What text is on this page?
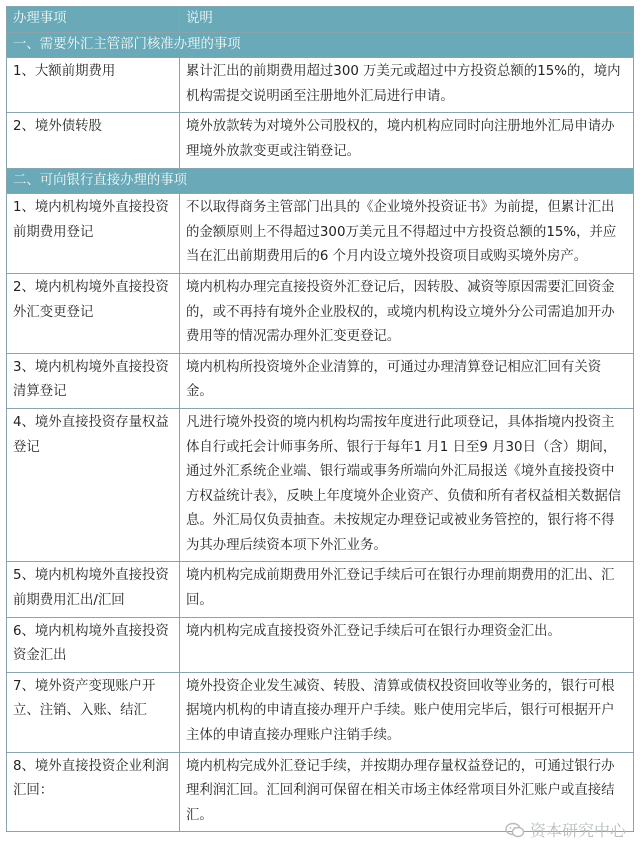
办理事项	说明
一、需要外汇主管部门核准办理的事项	
1、大额前期费用	累计汇出的前期费用超过300 万美元或超过中方投资总额的15%的，境内机构需提交说明函至注册地外汇局进行申请。
2、境外债转股	境外放款转为对境外公司股权的，境内机构应同时向注册地外汇局申请办理境外放款变更或注销登记。
二、可向银行直接办理的事项	
1、境内机构境外直接投资前期费用登记	不以取得商务主管部门出具的《企业境外投资证书》为前提，但累计汇出的金额原则上不得超过300万美元且不得超过中方投资总额的15%，并应当在汇出前期费用后的6 个月内设立境外投资项目或购买境外房产。
2、境内机构境外直接投资外汇变更登记	境内机构办理完直接投资外汇登记后，因转股、减资等原因需要汇回资金的，或不再持有境外企业股权的，或境内机构设立境外分公司需追加开办费用等的情况需办理外汇变更登记。
3、境内机构境外直接投资清算登记	境内机构所投资境外企业清算的，可通过办理清算登记相应汇回有关资金。
4、境外直接投资存量权益登记	凡进行境外投资的境内机构均需按年度进行此项登记，具体指境内投资主体自行或托会计师事务所、银行于每年1 月1 日至9 月30日（含）期间，通过外汇系统企业端、银行端或事务所端向外汇局报送《境外直接投资中方权益统计表》，反映上年度境外企业资产、负债和所有者权益相关数据信息。外汇局仅负责抽查。未按规定办理登记或被业务管控的，银行将不得为其办理后续资本项下外汇业务。
5、境内机构境外直接投资前期费用汇出/汇回	境内机构完成前期费用外汇登记手续后可在银行办理前期费用的汇出、汇回。
6、境内机构境外直接投资资金汇出	境内机构完成直接投资外汇登记手续后可在银行办理资金汇出。
7、境外资产变现账户开立、注销、入账、结汇	境外投资企业发生减资、转股、清算或债权投资回收等业务的，银行可根据境内机构的申请直接办理开户手续。账户使用完毕后，银行可根据开户主体的申请直接办理账户注销手续。
8、境外直接投资企业利润汇回：	境内机构完成外汇登记手续，并按期办理存量权益登记的，可通过银行办理利润汇回。汇回利润可保留在相关市场主体经常项目外汇账户或直接结汇。
资本研究中心
